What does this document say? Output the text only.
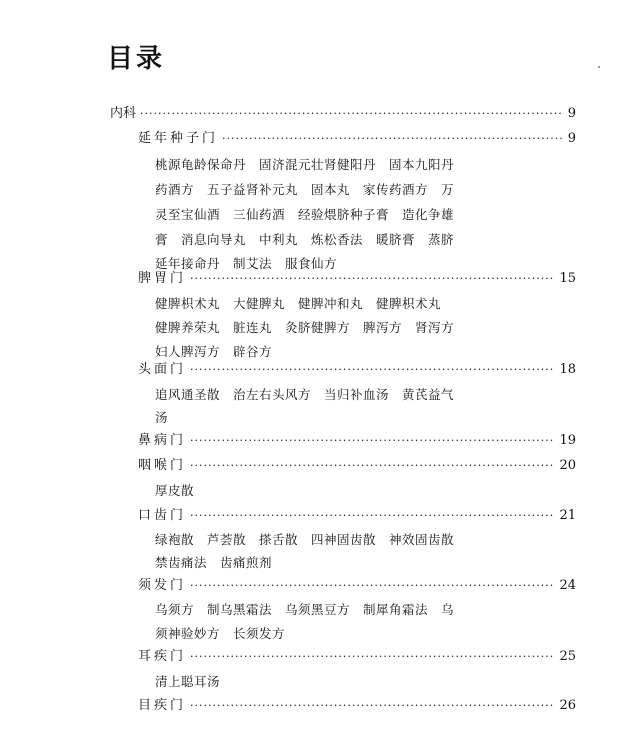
目录
内科 ·····	9
延年种子门 ·····	9
桃源龟龄保命丹　固济混元壮肾健阳丹　固本九阳丹
药酒方　五子益肾补元丸　固本丸　家传药酒方　万
灵至宝仙酒　三仙药酒　经验煨脐种子膏　造化争雄
膏　消息向导丸　中利丸　炼松香法　暖脐膏　蒸脐
延年接命丹　制艾法　服食仙方
脾胃门 ·····	15
健脾枳术丸　大健脾丸　健脾冲和丸　健脾枳术丸
健脾养荣丸　脏连丸　灸脐健脾方　脾泻方　肾泻方
妇人脾泻方　辟谷方
头面门 ·····	18
追风通圣散　治左右头风方　当归补血汤　黄芪益气
汤
鼻病门 ·····	19
咽喉门 ·····	20
厚皮散
口齿门 ·····	21
绿袍散　芦荟散　搽舌散　四神固齿散　神效固齿散
禁齿痛法　齿痛煎剂
须发门 ·····	24
乌须方　制乌黑霜法　乌须黑豆方　制犀角霜法　乌
须神验妙方　长须发方
耳疾门 ·····	25
清上聪耳汤
目疾门 ·····	26
